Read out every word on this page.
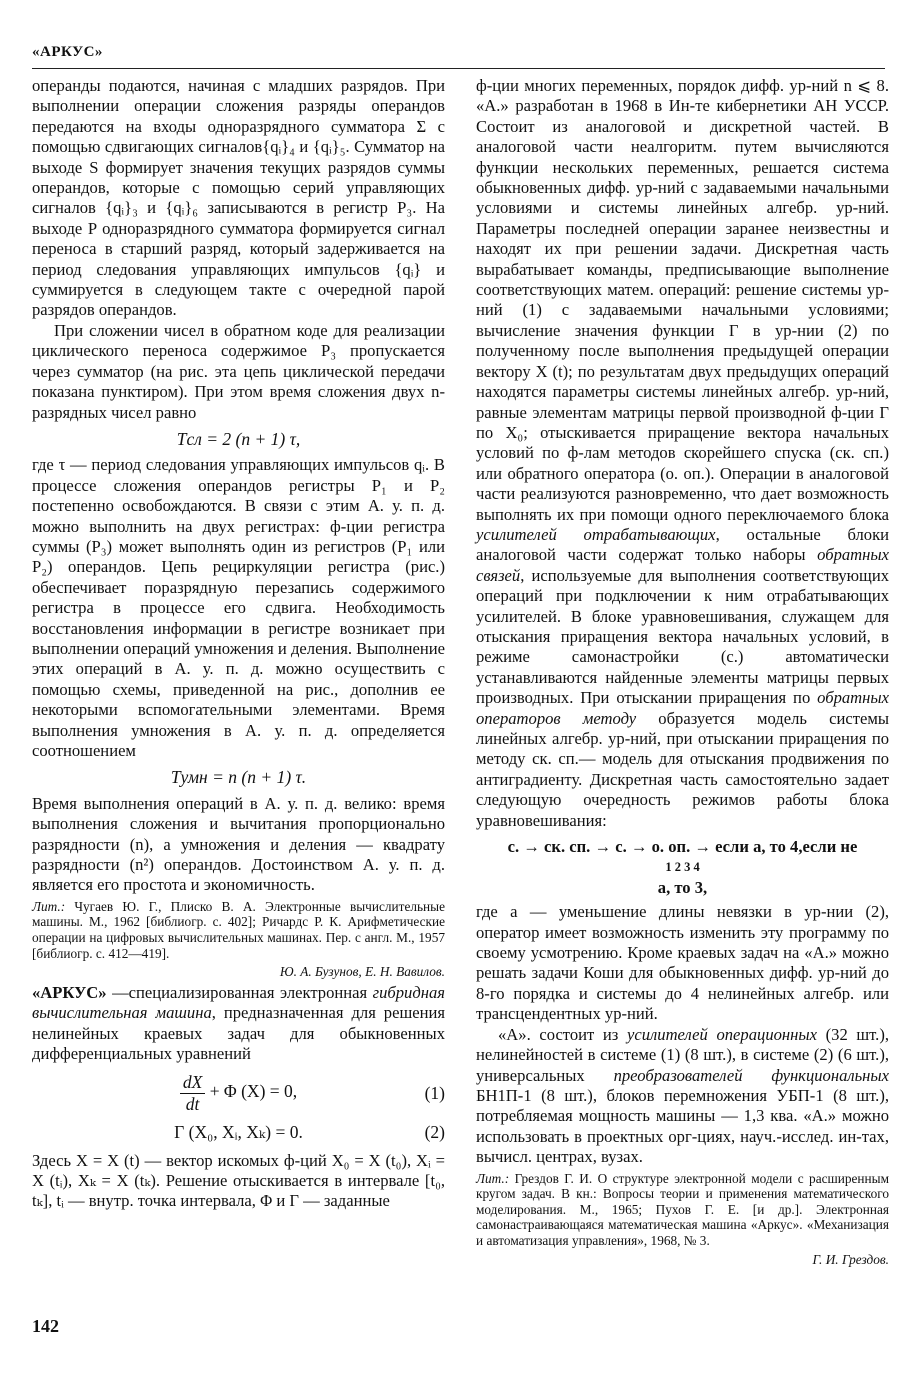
«АРКУС»

операнды подаются, начиная с младших разрядов. При выполнении операции сложения разряды операндов передаются на входы одноразрядного сумматора Σ с помощью сдвигающих сигналов{qᵢ}₄ и {qᵢ}₅. Сумматор на выходе S формирует значения текущих разрядов суммы операндов, которые с помощью серий управляющих сигналов {qᵢ}₃ и {qᵢ}₆ записываются в регистр P₃. На выходе P одноразрядного сумматора формируется сигнал переноса в старший разряд, который задерживается на период следования управляющих импульсов {qᵢ} и суммируется в следующем такте с очередной парой разрядов операндов.

При сложении чисел в обратном коде для реализации циклического переноса содержимое P₃ пропускается через сумматор (на рис. эта цепь циклической передачи показана пунктиром). При этом время сложения двух n-разрядных чисел равно

Tсл = 2 (n + 1) τ,

где τ — период следования управляющих импульсов qᵢ. В процессе сложения операндов регистры P₁ и P₂ постепенно освобождаются. В связи с этим А. у. п. д. можно выполнить на двух регистрах: ф-ции регистра суммы (P₃) может выполнять один из регистров (P₁ или P₂) операндов. Цепь рециркуляции регистра (рис.) обеспечивает поразрядную перезапись содержимого регистра в процессе его сдвига. Необходимость восстановления информации в регистре возникает при выполнении операций умножения и деления. Выполнение этих операций в А. у. п. д. можно осуществить с помощью схемы, приведенной на рис., дополнив ее некоторыми вспомогательными элементами. Время выполнения умножения в А. у. п. д. определяется соотношением

Tумн = n (n + 1) τ.

Время выполнения операций в А. у. п. д. велико: время выполнения сложения и вычитания пропорционально разрядности (n), а умножения и деления — квадрату разрядности (n²) операндов. Достоинством А. у. п. д. является его простота и экономичность.

Лит.: Чугаев Ю. Г., Плиско В. А. Электронные вычислительные машины. М., 1962 [библиогр. с. 402]; Ричардс Р. К. Арифметические операции на цифровых вычислительных машинах. Пер. с англ. М., 1957 [библиогр. с. 412—419].

Ю. А. Бузунов, Е. Н. Вавилов.

«АРКУС» —специализированная электронная гибридная вычислительная машина, предназначенная для решения нелинейных краевых задач для обыкновенных дифференциальных уравнений

$\frac{dX}{dt} + \Phi$ (X) = 0,	(1)
Г (X₀, Xᵢ, Xₖ) = 0.	(2)

Здесь X = X (t) — вектор искомых ф-ций X₀ = X (t₀), Xᵢ = X (tᵢ), Xₖ = X (tₖ). Решение отыскивается в интервале [t₀, tₖ], tᵢ — внутр. точка интервала, Φ и Г — заданные

ф-ции многих переменных, порядок дифф. ур-ний n ⩽ 8. «А.» разработан в 1968 в Ин-те кибернетики АН УССР. Состоит из аналоговой и дискретной частей. В аналоговой части неалгоритм. путем вычисляются функции нескольких переменных, решается система обыкновенных дифф. ур-ний с задаваемыми начальными условиями и системы линейных алгебр. ур-ний. Параметры последней операции заранее неизвестны и находят их при решении задачи. Дискретная часть вырабатывает команды, предписывающие выполнение соответствующих матем. операций: решение системы ур-ний (1) с задаваемыми начальными условиями; вычисление значения функции Г в ур-нии (2) по полученному после выполнения предыдущей операции вектору X (t); по результатам двух предыдущих операций находятся параметры системы линейных алгебр. ур-ний, равные элементам матрицы первой производной ф-ции Г по X₀; отыскивается приращение вектора начальных условий по ф-лам методов скорейшего спуска (ск. сп.) или обратного оператора (о. оп.). Операции в аналоговой части реализуются разновременно, что дает возможность выполнять их при помощи одного переключаемого блока усилителей отрабатывающих, остальные блоки аналоговой части содержат только наборы обратных связей, используемые для выполнения соответствующих операций при подключении к ним отрабатывающих усилителей. В блоке уравновешивания, служащем для отыскания приращения вектора начальных условий, в режиме самонастройки (с.) автоматически устанавливаются найденные элементы матрицы первых производных. При отыскании приращения по обратных операторов методу образуется модель системы линейных алгебр. ур-ний, при отыскании приращения по методу ск. сп.— модель для отыскания продвижения по антиградиенту. Дискретная часть самостоятельно задает следующую очередность режимов работы блока уравновешивания:

с. → ск. сп. → с. → о. оп. → если a, то 4,если не
1 2 3 4
a, то 3,

где a — уменьшение длины невязки в ур-нии (2), оператор имеет возможность изменить эту программу по своему усмотрению. Кроме краевых задач на «А.» можно решать задачи Коши для обыкновенных дифф. ур-ний до 8-го порядка и системы до 4 нелинейных алгебр. или трансцендентных ур-ний.

«А». состоит из усилителей операционных (32 шт.), нелинейностей в системе (1) (8 шт.), в системе (2) (6 шт.), универсальных преобразователей функциональных БН1П-1 (8 шт.), блоков перемножения УБП-1 (8 шт.), потребляемая мощность машины — 1,3 ква. «А.» можно использовать в проектных орг-циях, науч.-исслед. ин-тах, вычисл. центрах, вузах.

Лит.: Грездов Г. И. О структуре электронной модели с расширенным кругом задач. В кн.: Вопросы теории и применения математического моделирования. М., 1965; Пухов Г. Е. [и др.]. Электронная самонастраивающаяся математическая машина «Аркус». «Механизация и автоматизация управления», 1968, № 3.

Г. И. Грездов.

142
